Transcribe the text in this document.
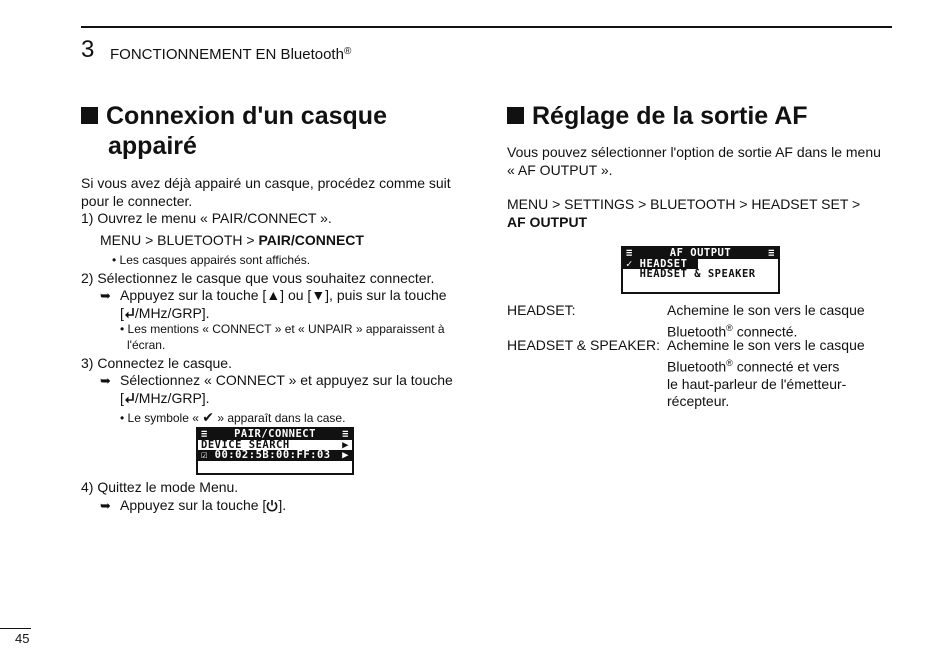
3 FONCTIONNEMENT EN Bluetooth®
Connexion d'un casque
appairé
Si vous avez déjà appairé un casque, procédez comme suit
pour le connecter.
1) Ouvrez le menu « PAIR/CONNECT ».
MENU > BLUETOOTH > PAIR/CONNECT
• Les casques appairés sont affichés.
2) Sélectionnez le casque que vous souhaitez connecter.
➥ Appuyez sur la touche [▲] ou [▼], puis sur la touche
[ /MHz/GRP].
• Les mentions « CONNECT » et « UNPAIR » apparaissent à
l'écran.
3) Connectez le casque.
➥ Sélectionnez « CONNECT » et appuyez sur la touche
[ /MHz/GRP].
• Le symbole « ✔ » apparaît dans la case.
≡ PAIR/CONNECT ≡
DEVICE SEARCH	▶
☑ 00:02:5B:00:FF:03 ▶
4) Quittez le mode Menu.
➥ Appuyez sur la touche [ ].
Réglage de la sortie AF
Vous pouvez sélectionner l'option de sortie AF dans le menu
« AF OUTPUT ».
MENU > SETTINGS > BLUETOOTH > HEADSET SET >
AF OUTPUT
≡	AF OUTPUT	≡
✓ HEADSET
HEADSET & SPEAKER
HEADSET:	Achemine le son vers le casque
Bluetooth® connecté.
HEADSET & SPEAKER: Achemine le son vers le casque
Bluetooth® connecté et vers
le haut-parleur de l'émetteur-
récepteur.
45
